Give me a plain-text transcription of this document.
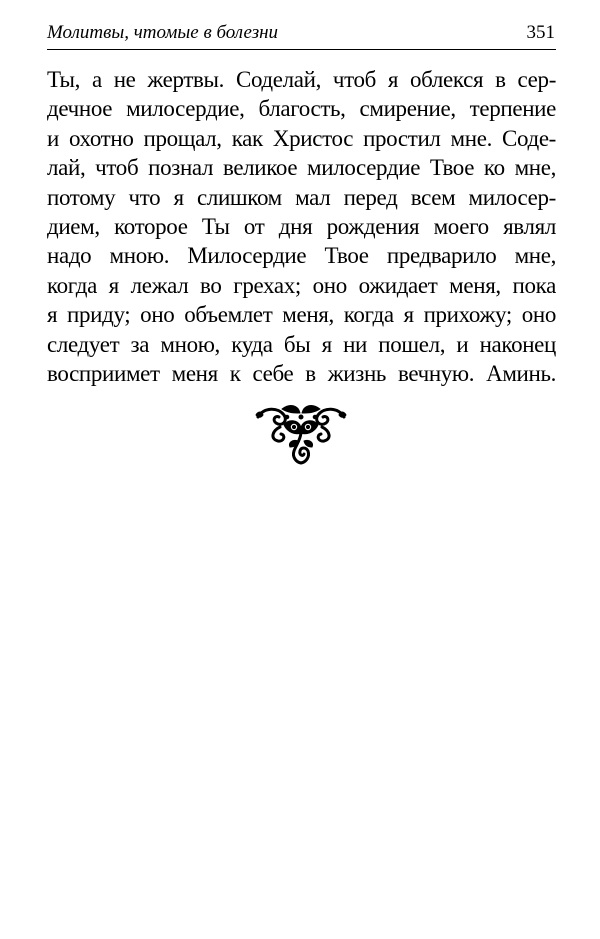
Молитвы, чтомые в болезни	351
Ты, а не жертвы. Соделай, чтоб я облекся в сер-
дечное милосердие, благость, смирение, терпение
и охотно прощал, как Христос простил мне. Соде-
лай, чтоб познал великое милосердие Твое ко мне,
потому что я слишком мал перед всем милосер-
дием, которое Ты от дня рождения моего являл
надо мною. Милосердие Твое предварило мне,
когда я лежал во грехах; оно ожидает меня, пока
я приду; оно объемлет меня, когда я прихожу; оно
следует за мною, куда бы я ни пошел, и наконец
восприимет меня к себе в жизнь вечную. Аминь.
